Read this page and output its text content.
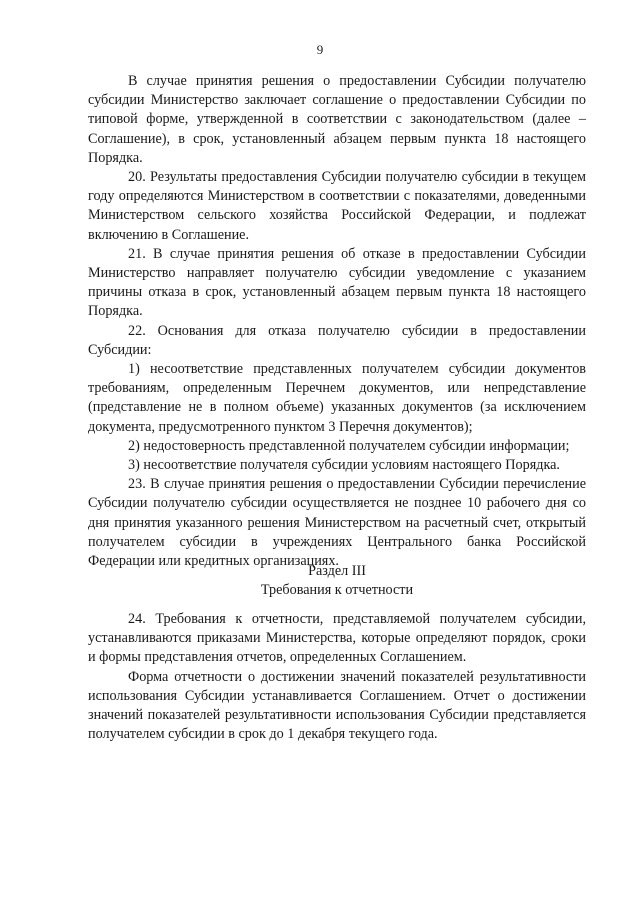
9

В случае принятия решения о предоставлении Субсидии получателю субсидии Министерство заключает соглашение о предоставлении Субсидии по типовой форме, утвержденной в соответствии с законодательством (далее – Соглашение), в срок, установленный абзацем первым пункта 18 настоящего Порядка.

20. Результаты предоставления Субсидии получателю субсидии в текущем году определяются Министерством в соответствии с показателями, доведенными Министерством сельского хозяйства Российской Федерации, и подлежат включению в Соглашение.

21. В случае принятия решения об отказе в предоставлении Субсидии Министерство направляет получателю субсидии уведомление с указанием причины отказа в срок, установленный абзацем первым пункта 18 настоящего Порядка.

22. Основания для отказа получателю субсидии в предоставлении Субсидии:

1) несоответствие представленных получателем субсидии документов требованиям, определенным Перечнем документов, или непредставление (представление не в полном объеме) указанных документов (за исключением документа, предусмотренного пунктом 3 Перечня документов);

2) недостоверность представленной получателем субсидии информации;

3) несоответствие получателя субсидии условиям настоящего Порядка.

23. В случае принятия решения о предоставлении Субсидии перечисление Субсидии получателю субсидии осуществляется не позднее 10 рабочего дня со дня принятия указанного решения Министерством на расчетный счет, открытый получателем субсидии в учреждениях Центрального банка Российской Федерации или кредитных организациях.

Раздел III

Требования к отчетности

24. Требования к отчетности, представляемой получателем субсидии, устанавливаются приказами Министерства, которые определяют порядок, сроки и формы представления отчетов, определенных Соглашением.

Форма отчетности о достижении значений показателей результативности использования Субсидии устанавливается Соглашением. Отчет о достижении значений показателей результативности использования Субсидии представляется получателем субсидии в срок до 1 декабря текущего года.
